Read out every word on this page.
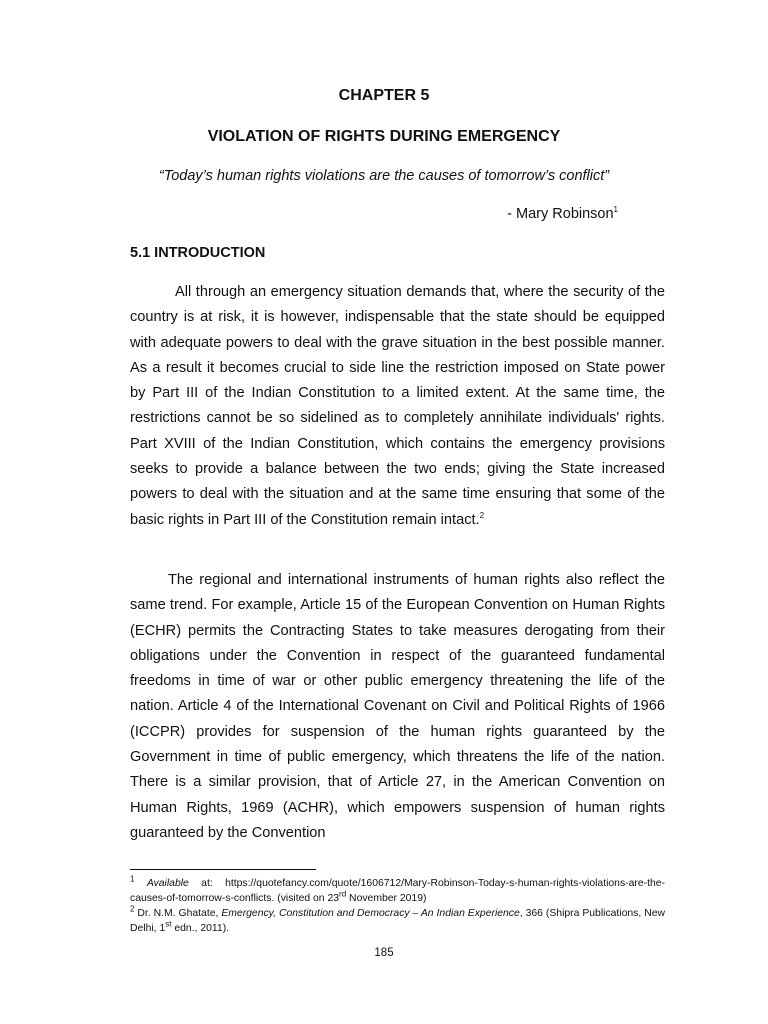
CHAPTER 5
VIOLATION OF RIGHTS DURING EMERGENCY
“Today’s human rights violations are the causes of tomorrow’s conflict”
- Mary Robinson$^1$
5.1 INTRODUCTION
All through an emergency situation demands that, where the security of the country is at risk, it is however, indispensable that the state should be equipped with adequate powers to deal with the grave situation in the best possible manner. As a result it becomes crucial to side line the restriction imposed on State power by Part III of the Indian Constitution to a limited extent. At the same time, the restrictions cannot be so sidelined as to completely annihilate individuals' rights. Part XVIII of the Indian Constitution, which contains the emergency provisions seeks to provide a balance between the two ends; giving the State increased powers to deal with the situation and at the same time ensuring that some of the basic rights in Part III of the Constitution remain intact.$^2$
The regional and international instruments of human rights also reflect the same trend. For example, Article 15 of the European Convention on Human Rights (ECHR) permits the Contracting States to take measures derogating from their obligations under the Convention in respect of the guaranteed fundamental freedoms in time of war or other public emergency threatening the life of the nation. Article 4 of the International Covenant on Civil and Political Rights of 1966 (ICCPR) provides for suspension of the human rights guaranteed by the Government in time of public emergency, which threatens the life of the nation. There is a similar provision, that of Article 27, in the American Convention on Human Rights, 1969 (ACHR), which empowers suspension of human rights guaranteed by the Convention
$^1$ Available at: https://quotefancy.com/quote/1606712/Mary-Robinson-Today-s-human-rights-violations-are-the-causes-of-tomorrow-s-conflicts. (visited on 23rd November 2019)
$^2$ Dr. N.M. Ghatate, Emergency, Constitution and Democracy – An Indian Experience, 366 (Shipra Publications, New Delhi, 1st edn., 2011).
185
